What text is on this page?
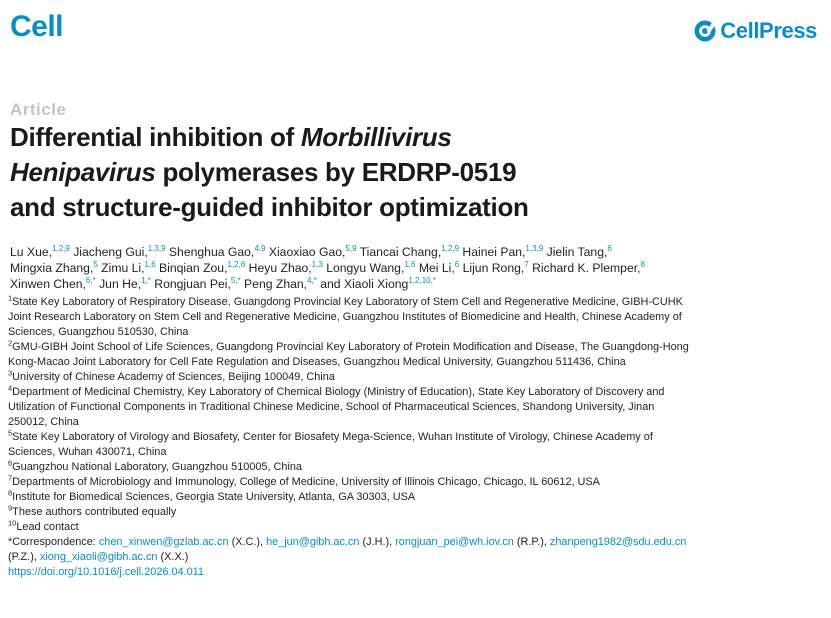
Cell	CellPress
Article
Differential inhibition of Morbillivirus
Henipavirus polymerases by ERDRP-0519
and structure-guided inhibitor optimization
Lu Xue,$^{1,2,9}$ Jiacheng Gui,$^{1,3,9}$ Shenghua Gao,$^{4,9}$ Xiaoxiao Gao,$^{5,9}$ Tiancai Chang,$^{1,2,9}$ Hainei Pan,$^{1,3,9}$ Jielin Tang,$^6$
Mingxia Zhang,$^5$ Zimu Li,$^{1,6}$ Binqian Zou,$^{1,2,6}$ Heyu Zhao,$^{1,3}$ Longyu Wang,$^{1,6}$ Mei Li,$^6$ Lijun Rong,$^7$ Richard K. Plemper,$^8$
Xinwen Chen,$^{6,*}$ Jun He,$^{1,*}$ Rongjuan Pei,$^{5,*}$ Peng Zhan,$^{4,*}$ and Xiaoli Xiong$^{1,2,10,*}$
$^1$State Key Laboratory of Respiratory Disease, Guangdong Provincial Key Laboratory of Stem Cell and Regenerative Medicine, GIBH-CUHK
Joint Research Laboratory on Stem Cell and Regenerative Medicine, Guangzhou Institutes of Biomedicine and Health, Chinese Academy of
Sciences, Guangzhou 510530, China
$^2$GMU-GIBH Joint School of Life Sciences, Guangdong Provincial Key Laboratory of Protein Modification and Disease, The Guangdong-Hong
Kong-Macao Joint Laboratory for Cell Fate Regulation and Diseases, Guangzhou Medical University, Guangzhou 511436, China
$^3$University of Chinese Academy of Sciences, Beijing 100049, China
$^4$Department of Medicinal Chemistry, Key Laboratory of Chemical Biology (Ministry of Education), State Key Laboratory of Discovery and
Utilization of Functional Components in Traditional Chinese Medicine, School of Pharmaceutical Sciences, Shandong University, Jinan
250012, China
$^5$State Key Laboratory of Virology and Biosafety, Center for Biosafety Mega-Science, Wuhan Institute of Virology, Chinese Academy of
Sciences, Wuhan 430071, China
$^6$Guangzhou National Laboratory, Guangzhou 510005, China
$^7$Departments of Microbiology and Immunology, College of Medicine, University of Illinois Chicago, Chicago, IL 60612, USA
$^8$Institute for Biomedical Sciences, Georgia State University, Atlanta, GA 30303, USA
$^9$These authors contributed equally
$^{10}$Lead contact
*Correspondence: chen_xinwen@gzlab.ac.cn (X.C.), he_jun@gibh.ac.cn (J.H.), rongjuan_pei@wh.iov.cn (R.P.), zhanpeng1982@sdu.edu.cn
(P.Z.), xiong_xiaoli@gibh.ac.cn (X.X.)
https://doi.org/10.1016/j.cell.2026.04.011
